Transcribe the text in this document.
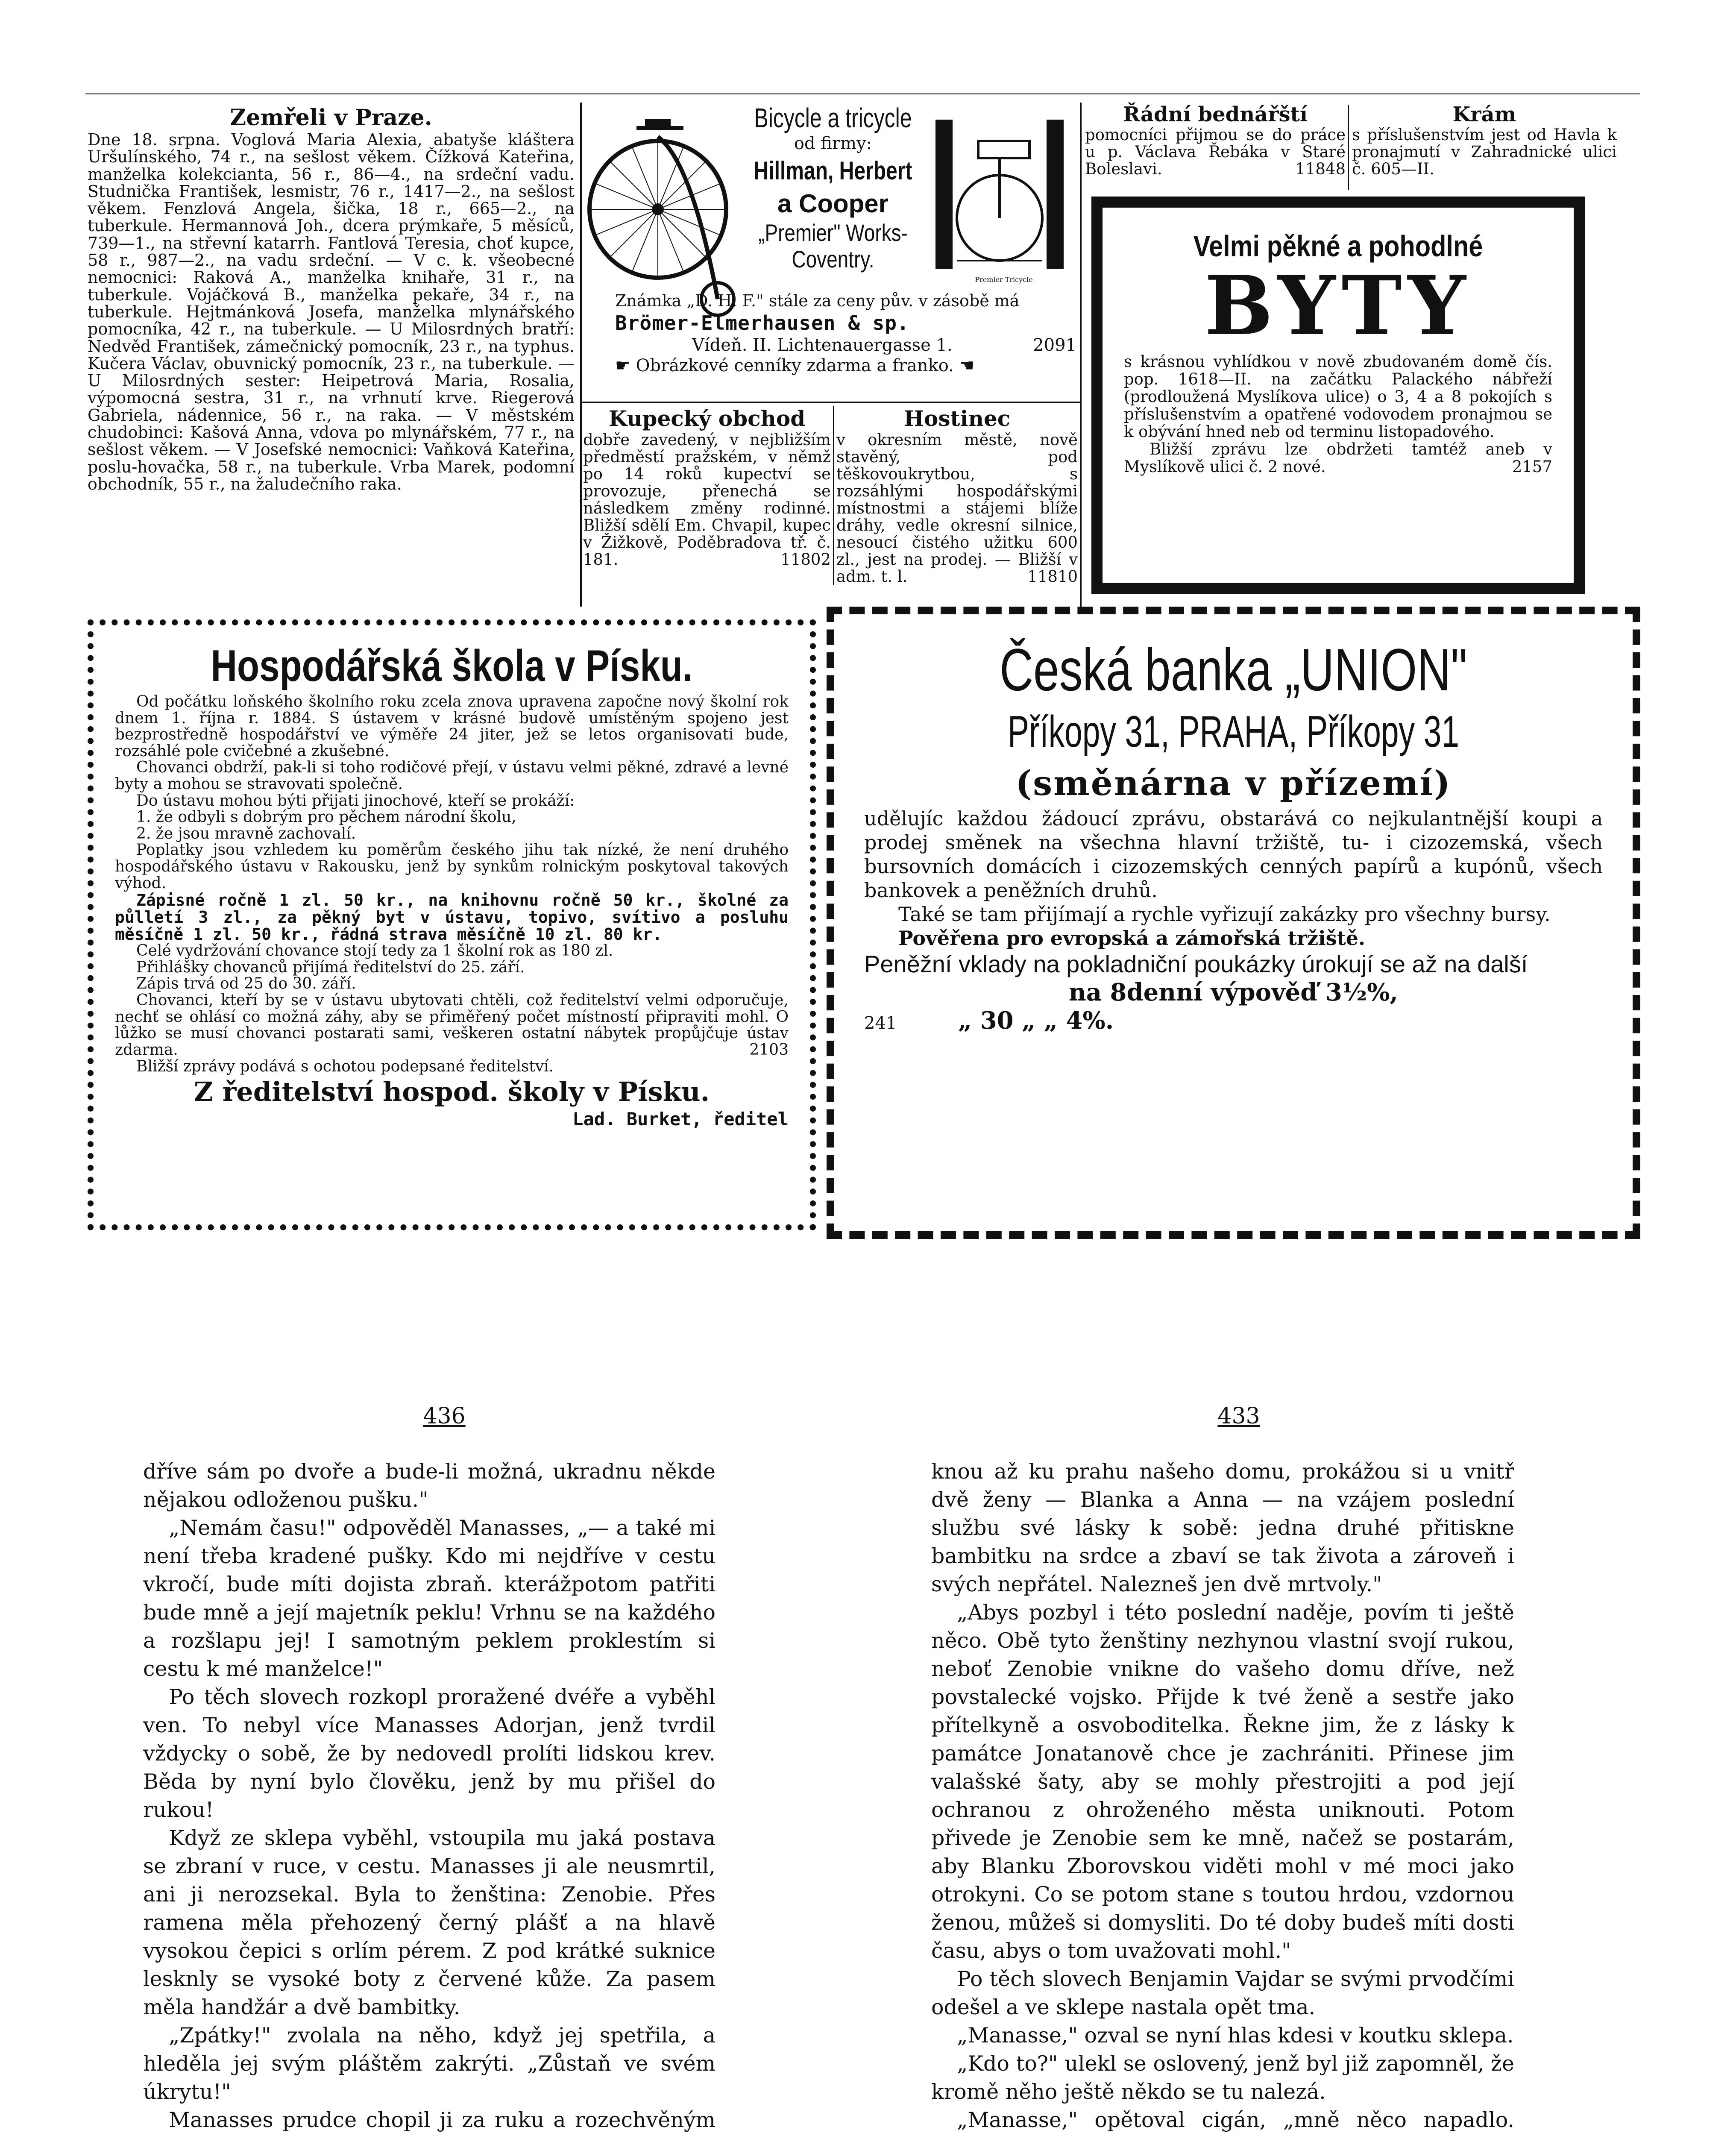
Zemřeli v Praze.
Dne 18. srpna. Voglová Maria Alexia, abatyše kláštera Uršulínského, 74 r., na sešlost věkem. Čížková Kateřina, manželka kolekcianta, 56 r., 86—4., na srdeční vadu. Studnička František, lesmistr, 76 r., 1417—2., na sešlost věkem. Fenzlová Angela, šička, 18 r., 665—2., na tuberkule. Hermannová Joh., dcera prýmkaře, 5 měsíců, 739—1., na střevní katarrh. Fantlová Teresia, choť kupce, 58 r., 987—2., na vadu srdeční. — V c. k. všeobecné nemocnici: Raková A., manželka knihaře, 31 r., na tuberkule. Vojáčková B., manželka pekaře, 34 r., na tuberkule. Hejtmánková Josefa, manželka mlynářského pomocníka, 42 r., na tuberkule. — U Milosrdných bratří: Nedvěd František, zámečnický pomocník, 23 r., na typhus. Kučera Václav, obuvnický pomocník, 23 r., na tuberkule. — U Milosrdných sester: Heipetrová Maria, Rosalia, výpomocná sestra, 31 r., na vrhnutí krve. Riegerová Gabriela, nádennice, 56 r., na raka. — V městském chudobinci: Kašová Anna, vdova po mlynářském, 77 r., na sešlost věkem. — V Josefské nemocnici: Vaňková Kateřina, poslu-hovačka, 58 r., na tuberkule. Vrba Marek, podomní obchodník, 55 r., na žaludečního raka.
Bicycle a tricycle
od firmy:
Hillman, Herbert
a Cooper
„Premier" Works-Coventry.
Premier Tricycle
Známka „D. H. F." stále za ceny pův. v zásobě má
Brömer-Elmerhausen & sp.
Vídeň. II. Lichtenauergasse 1.	2091
☛ Obrázkové cenníky zdarma a franko. ☚
Kupecký obchod
dobře zavedený, v nejbližším předměstí pražském, v němž po 14 roků kupectví se provozuje, přenechá se následkem změny rodinné. Bližší sdělí Em. Chvapil, kupec v Žižkově, Poděbradova tř. č. 181.	11802
Hostinec
v okresním městě, nově stavěný, pod těškovoukrytbou, s rozsáhlými hospodářskými místnostmi a stájemi blíže dráhy, vedle okresní silnice, nesoucí čistého užitku 600 zl., jest na prodej. — Bližší v adm. t. l.	11810
Řádní bednářští
pomocníci přijmou se do práce u p. Václava Řebáka v Staré Boleslavi.	11848
Krám
s příslušenstvím jest od Havla k pronajmutí v Zahradnické ulici č. 605—II.
Velmi pěkné a pohodlné
BYTY
s krásnou vyhlídkou v nově zbudovaném domě čís. pop. 1618—II. na začátku Palackého nábřeží (prodloužená Myslíkova ulice) o 3, 4 a 8 pokojích s příslušenstvím a opatřené vodovodem pronajmou se k obývání hned neb od terminu listopadového.
Bližší zprávu lze obdržeti tamtéž aneb v Myslíkově ulici č. 2 nové.	2157
Hospodářská škola v Písku.

Od počátku loňského školního roku zcela znova upravena započne nový školní rok dnem 1. října r. 1884. S ústavem v krásné budově umístěným spojeno jest bezprostředně hospodářství ve výměře 24 jiter, jež se letos organisovati bude, rozsáhlé pole cvičebné a zkušebné.

Chovanci obdrží, pak-li si toho rodičové přejí, v ústavu velmi pěkné, zdravé a levné byty a mohou se stravovati společně.

Do ústavu mohou býti přijati jinochové, kteří se prokáží:

1. že odbyli s dobrým pro pěchem národní školu,

2. že jsou mravně zachovalí.

Poplatky jsou vzhledem ku poměrům českého jihu tak nízké, že není druhého hospodářského ústavu v Rakousku, jenž by synkům rolnickým poskytoval takových výhod.

Zápisné ročně 1 zl. 50 kr., na knihovnu ročně 50 kr., školné za půlletí 3 zl., za pěkný byt v ústavu, topivo, svítivo a posluhu měsíčně 1 zl. 50 kr., řádná strava měsíčně 10 zl. 80 kr.

Celé vydržování chovance stojí tedy za 1 školní rok as 180 zl.

Přihlášky chovanců přijímá ředitelství do 25. září.

Zápis trvá od 25 do 30. září.

Chovanci, kteří by se v ústavu ubytovati chtěli, což ředitelství velmi odporučuje, nechť se ohlásí co možná záhy, aby se přiměřený počet místností připraviti mohl. O lůžko se musí chovanci postarati sami, veškeren ostatní nábytek propůjčuje ústav zdarma.	2103

Bližší zprávy podává s ochotou podepsané ředitelství.

Z ředitelství hospod. školy v Písku.
Lad. Burket, ředitel
Česká banka „UNION"
Příkopy 31, PRAHA, Příkopy 31
(směnárna v přízemí)

udělujíc každou žádoucí zprávu, obstarává co nejkulantnější koupi a prodej směnek na všechna hlavní tržiště, tu- i cizozemská, všech bursovních domácích i cizozemských cenných papírů a kupónů, všech bankovek a peněžních druhů.

Také se tam přijímají a rychle vyřizují zakázky pro všechny bursy.

Pověřena pro evropská a zámořská tržiště.

Peněžní vklady na pokladniční poukázky úrokují se až na další

na 8denní výpověď 3½%,

241	„ 30 „ „ 4%.
436	433

dříve sám po dvoře a bude-li možná, ukradnu někde nějakou odloženou pušku."

„Nemám času!" odpověděl Manasses, „— a také mi není třeba kradené pušky. Kdo mi nejdříve v cestu vkročí, bude míti dojista zbraň. kterážpotom patřiti bude mně a její majetník peklu! Vrhnu se na každého a rozšlapu jej! I samotným peklem proklestím si cestu k mé manželce!"

Po těch slovech rozkopl proražené dvéře a vyběhl ven. To nebyl více Manasses Adorjan, jenž tvrdil vždycky o sobě, že by nedovedl prolíti lidskou krev. Běda by nyní bylo člověku, jenž by mu přišel do rukou!

Když ze sklepa vyběhl, vstoupila mu jaká postava se zbraní v ruce, v cestu. Manasses ji ale neusmrtil, ani ji nerozsekal. Byla to ženština: Zenobie. Přes ramena měla přehozený černý plášť a na hlavě vysokou čepici s orlím pérem. Z pod krátké suknice lesknly se vysoké boty z červené kůže. Za pasem měla handžár a dvě bambitky.

„Zpátky!" zvolala na něho, když jej spetřila, a hleděla jej svým pláštěm zakrýti. „Zůstaň ve svém úkrytu!"

Manasses prudce chopil ji za ruku a rozechvěným

knou až ku prahu našeho domu, prokážou si u vnitř dvě ženy — Blanka a Anna — na vzájem poslední službu své lásky k sobě: jedna druhé přitiskne bambitku na srdce a zbaví se tak života a zároveň i svých nepřátel. Nalezneš jen dvě mrtvoly."

„Abys pozbyl i této poslední naděje, povím ti ještě něco. Obě tyto ženštiny nezhynou vlastní svojí rukou, neboť Zenobie vnikne do vašeho domu dříve, než povstalecké vojsko. Přijde k tvé ženě a sestře jako přítelkyně a osvoboditelka. Řekne jim, že z lásky k památce Jonatanově chce je zachrániti. Přinese jim valašské šaty, aby se mohly přestrojiti a pod její ochranou z ohroženého města uniknouti. Potom přivede je Zenobie sem ke mně, načež se postarám, aby Blanku Zborovskou viděti mohl v mé moci jako otrokyni. Co se potom stane s toutou hrdou, vzdornou ženou, můžeš si domysliti. Do té doby budeš míti dosti času, abys o tom uvažovati mohl."

Po těch slovech Benjamin Vajdar se svými prvodčími odešel a ve sklepe nastala opět tma.

„Manasse," ozval se nyní hlas kdesi v koutku sklepa.

„Kdo to?" ulekl se oslovený, jenž byl již zapomněl, že kromě něho ještě někdo se tu nalezá.

„Manasse," opětoval cigán, „mně něco napadlo.
